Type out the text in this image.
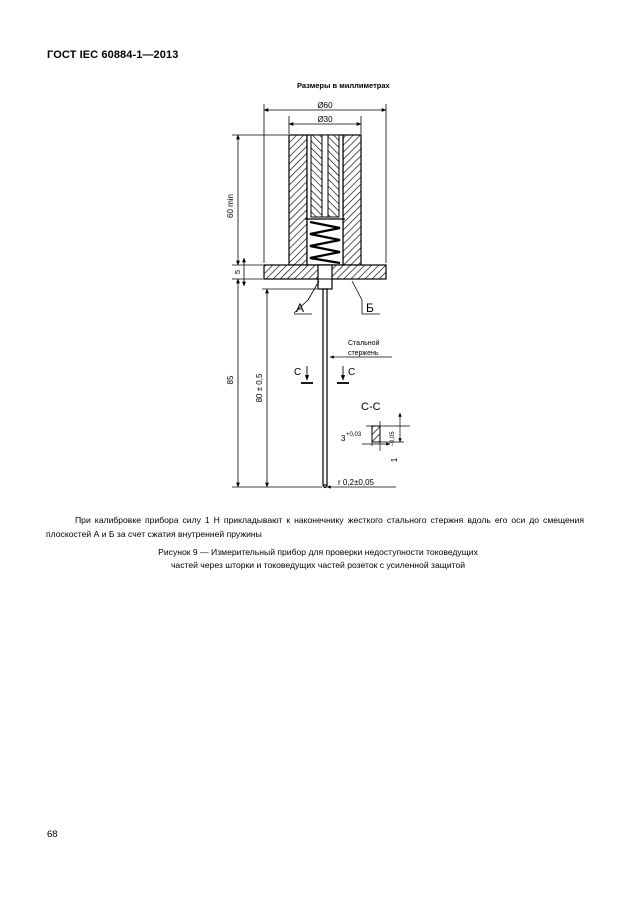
ГОСТ IEC 60884-1—2013
Размеры в миллиметрах
Ø60
Ø30
60 min
5
85	80 ± 0,5
А	Б
Стальной
стержень
С	С
С-С
3 +0,03
1
−0,05
r 0,2±0,05
При калибровке прибора силу 1 Н прикладывают к наконечнику жесткого стального стержня вдоль его оси до смещения плоскостей А и Б за счет сжатия внутренней пружины
Рисунок 9 — Измерительный прибор для проверки недоступности токоведущих
частей через шторки и токоведущих частей розеток с усиленной защитой
68
